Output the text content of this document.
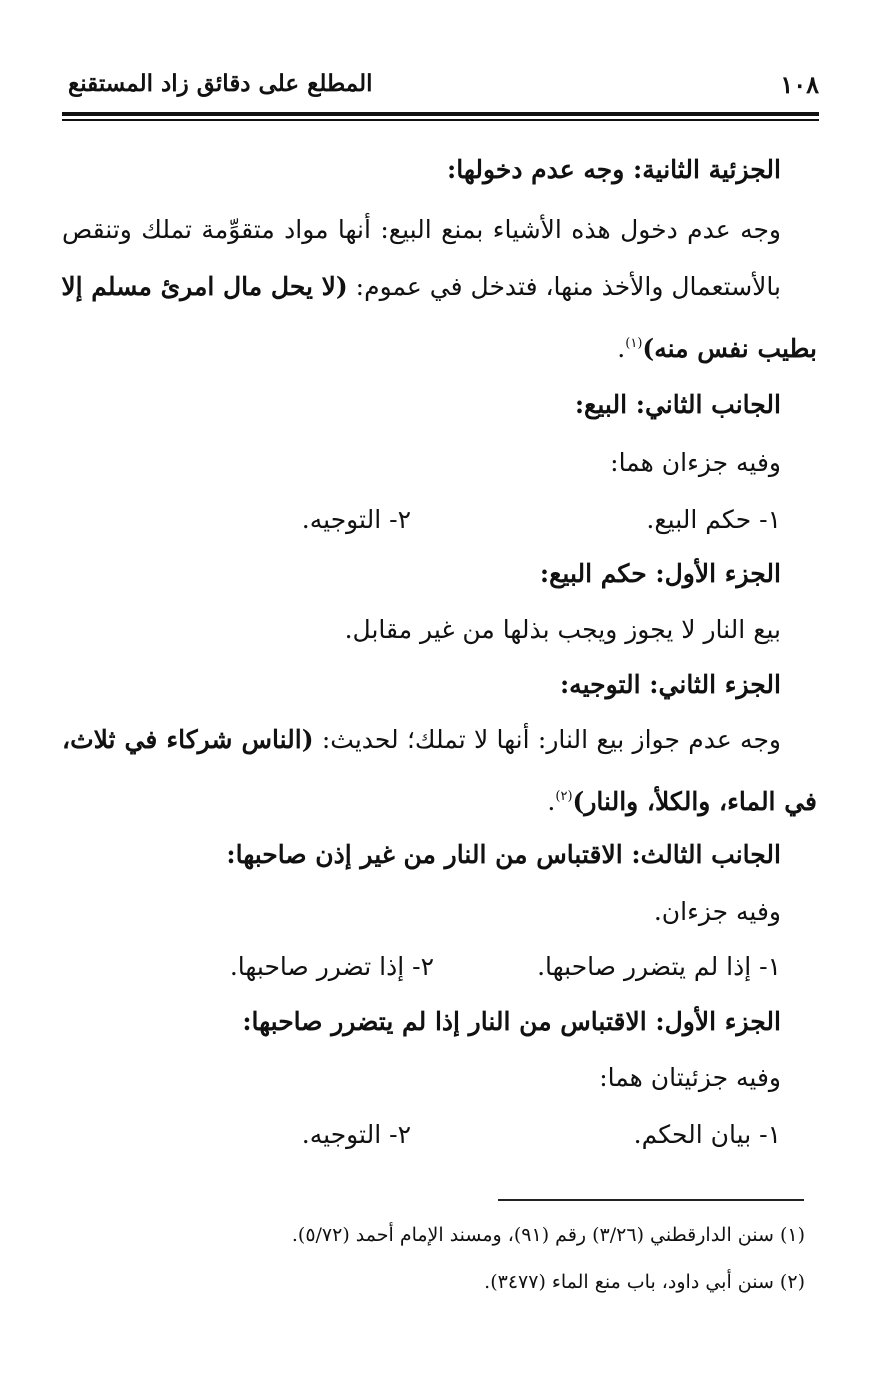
١٠٨
المطلع على دقائق زاد المستقنع
الجزئية الثانية: وجه عدم دخولها:
وجه عدم دخول هذه الأشياء بمنع البيع: أنها مواد متقوِّمة تملك وتنقص
بالأستعمال والأخذ منها، فتدخل في عموم: (لا يحل مال امرئ مسلم إلا
بطيب نفس منه)$^{(١)}$.
الجانب الثاني: البيع:
وفيه جزءان هما:
١- حكم البيع.
٢- التوجيه.
الجزء الأول: حكم البيع:
بيع النار لا يجوز ويجب بذلها من غير مقابل.
الجزء الثاني: التوجيه:
وجه عدم جواز بيع النار: أنها لا تملك؛ لحديث: (الناس شركاء في ثلاث،
في الماء، والكلأ، والنار)$^{(٢)}$.
الجانب الثالث: الاقتباس من النار من غير إذن صاحبها:
وفيه جزءان.
١- إذا لم يتضرر صاحبها.
٢- إذا تضرر صاحبها.
الجزء الأول: الاقتباس من النار إذا لم يتضرر صاحبها:
وفيه جزئيتان هما:
١- بيان الحكم.
٢- التوجيه.
(١) سنن الدارقطني (٣/٢٦) رقم (٩١)، ومسند الإمام أحمد (٥/٧٢).
(٢) سنن أبي داود، باب منع الماء (٣٤٧٧).
